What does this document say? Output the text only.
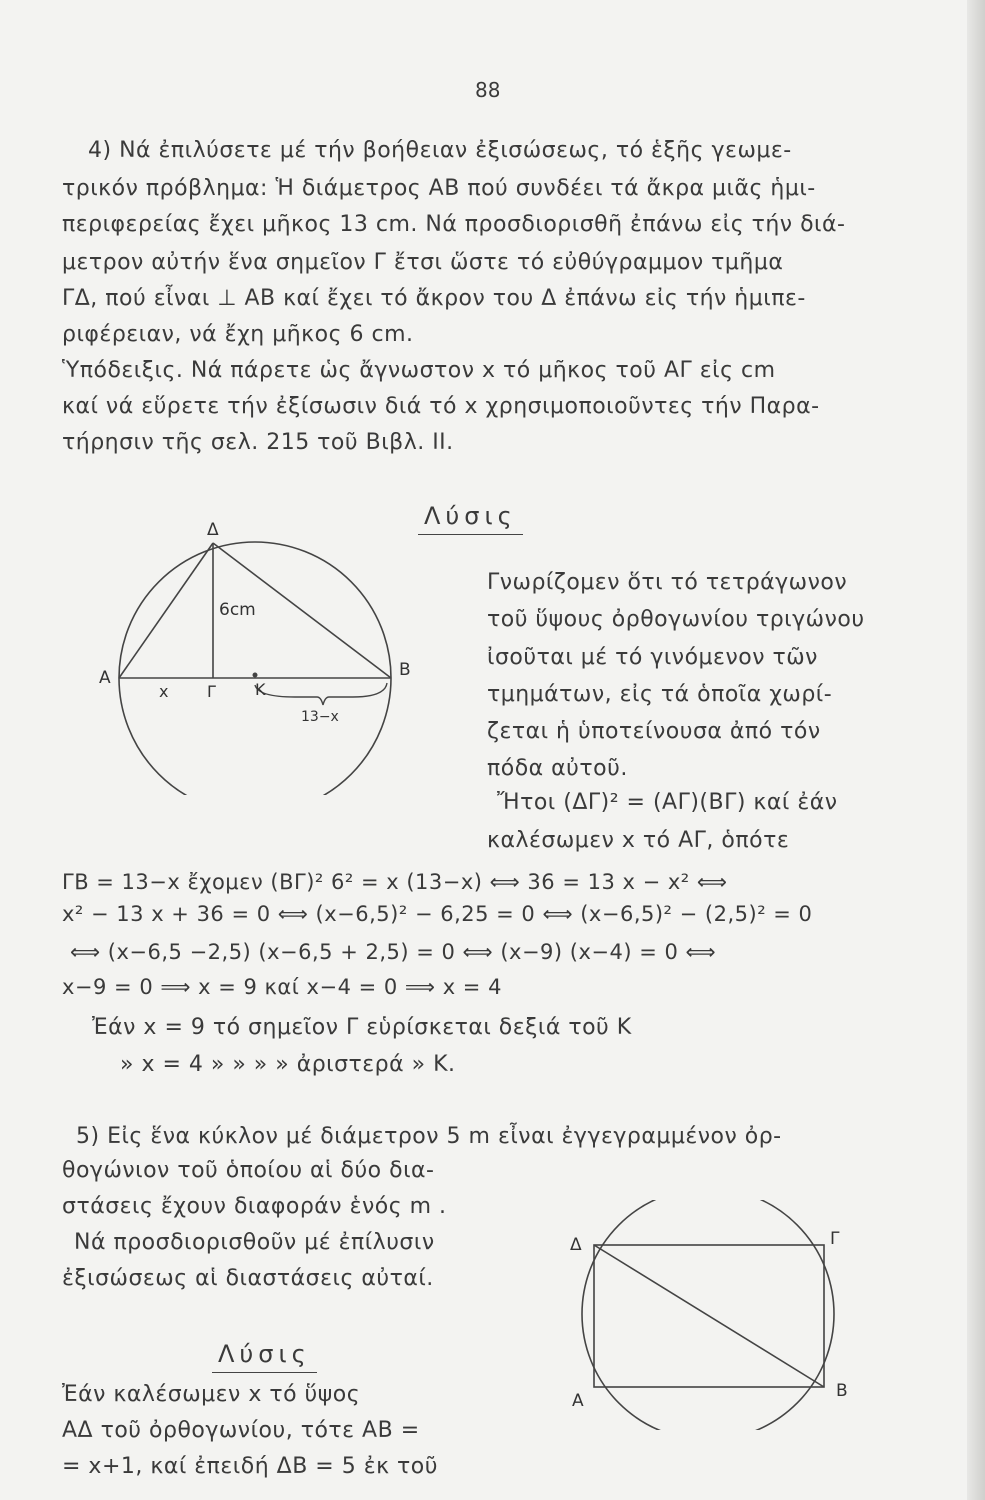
88
4) Νά ἐπιλύσετε μέ τήν βοήθειαν ἐξισώσεως, τό ἑξῆς γεωμε-
τρικόν πρόβλημα: Ἡ διάμετρος ΑΒ πού συνδέει τά ἄκρα μιᾶς ἡμι-
περιφερείας ἔχει μῆκος 13 cm. Νά προσδιορισθῆ ἐπάνω εἰς τήν διά-
μετρον αὐτήν ἕνα σημεῖον Γ ἔτσι ὥστε τό εὐθύγραμμον τμῆμα
ΓΔ, πού εἶναι ⊥ ΑΒ καί ἔχει τό ἄκρον του Δ ἐπάνω εἰς τήν ἡμιπε-
ριφέρειαν, νά ἔχη μῆκος 6 cm.
Ὑπόδειξις. Νά πάρετε ὡς ἄγνωστον x τό μῆκος τοῦ ΑΓ εἰς cm
καί νά εὕρετε τήν ἐξίσωσιν διά τό x χρησιμοποιοῦντες τήν Παρα-
τήρησιν τῆς σελ. 215 τοῦ Βιβλ. ΙΙ.
Λύσις
Δ
Α	Β
Γ Κ
x
6cm
13−x
Γνωρίζομεν ὅτι τό τετράγωνον
τοῦ ὕψους ὀρθογωνίου τριγώνου
ἰσοῦται μέ τό γινόμενον τῶν
τμημάτων, εἰς τά ὁποῖα χωρί-
ζεται ἡ ὑποτείνουσα ἀπό τόν
πόδα αὐτοῦ.
Ἤτοι (ΔΓ)² = (ΑΓ)(ΒΓ) καί ἐάν
καλέσωμεν x τό ΑΓ, ὁπότε
ΓΒ = 13−x ἔχομεν (ΒΓ)² 6² = x (13−x) ⟺ 36 = 13 x − x² ⟺
x² − 13 x + 36 = 0 ⟺ (x−6,5)² − 6,25 = 0 ⟺ (x−6,5)² − (2,5)² = 0
⟺ (x−6,5 −2,5) (x−6,5 + 2,5) = 0 ⟺ (x−9) (x−4) = 0 ⟺
x−9 = 0 ⟹ x = 9 καί x−4 = 0 ⟹ x = 4
Ἐάν x = 9 τό σημεῖον Γ εὑρίσκεται δεξιά τοῦ Κ
» x = 4 » » » » ἀριστερά » Κ.
5) Εἰς ἕνα κύκλον μέ διάμετρον 5 m εἶναι ἐγγεγραμμένον ὀρ-
θογώνιον τοῦ ὁποίου αἱ δύο δια-
στάσεις ἔχουν διαφοράν ἑνός m .
Νά προσδιορισθοῦν μέ ἐπίλυσιν
ἐξισώσεως αἱ διαστάσεις αὐταί.
Λύσις
Ἐάν καλέσωμεν x τό ὕψος
ΑΔ τοῦ ὀρθογωνίου, τότε ΑΒ =
= x+1, καί ἐπειδή ΔΒ = 5 ἐκ τοῦ
Δ	Γ
Α	Β
